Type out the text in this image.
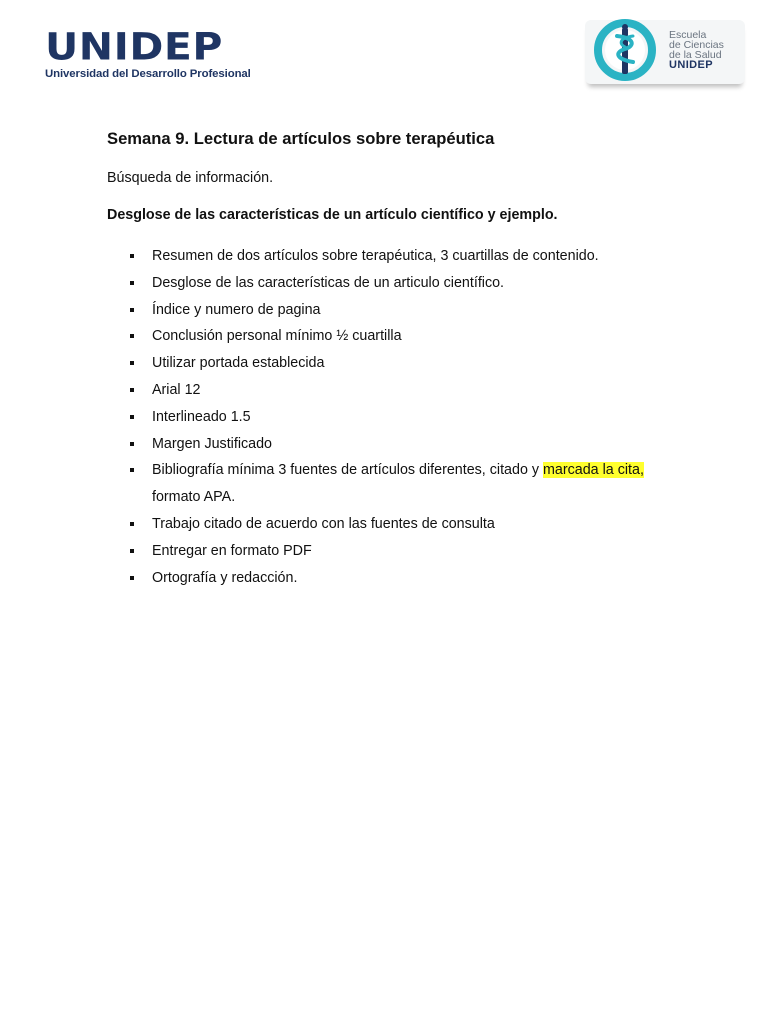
UNIDEP
Universidad del Desarrollo Profesional
Escuela
de Ciencias
de la Salud
UNIDEP
Semana 9. Lectura de artículos sobre terapéutica

Búsqueda de información.

Desglose de las características de un artículo científico y ejemplo.

Resumen de dos artículos sobre terapéutica, 3 cuartillas de contenido.
Desglose de las características de un articulo científico.
Índice y numero de pagina
Conclusión personal mínimo ½ cuartilla
Utilizar portada establecida
Arial 12
Interlineado 1.5
Margen Justificado
Bibliografía mínima 3 fuentes de artículos diferentes, citado y marcada la cita,
formato APA.
Trabajo citado de acuerdo con las fuentes de consulta
Entregar en formato PDF
Ortografía y redacción.
